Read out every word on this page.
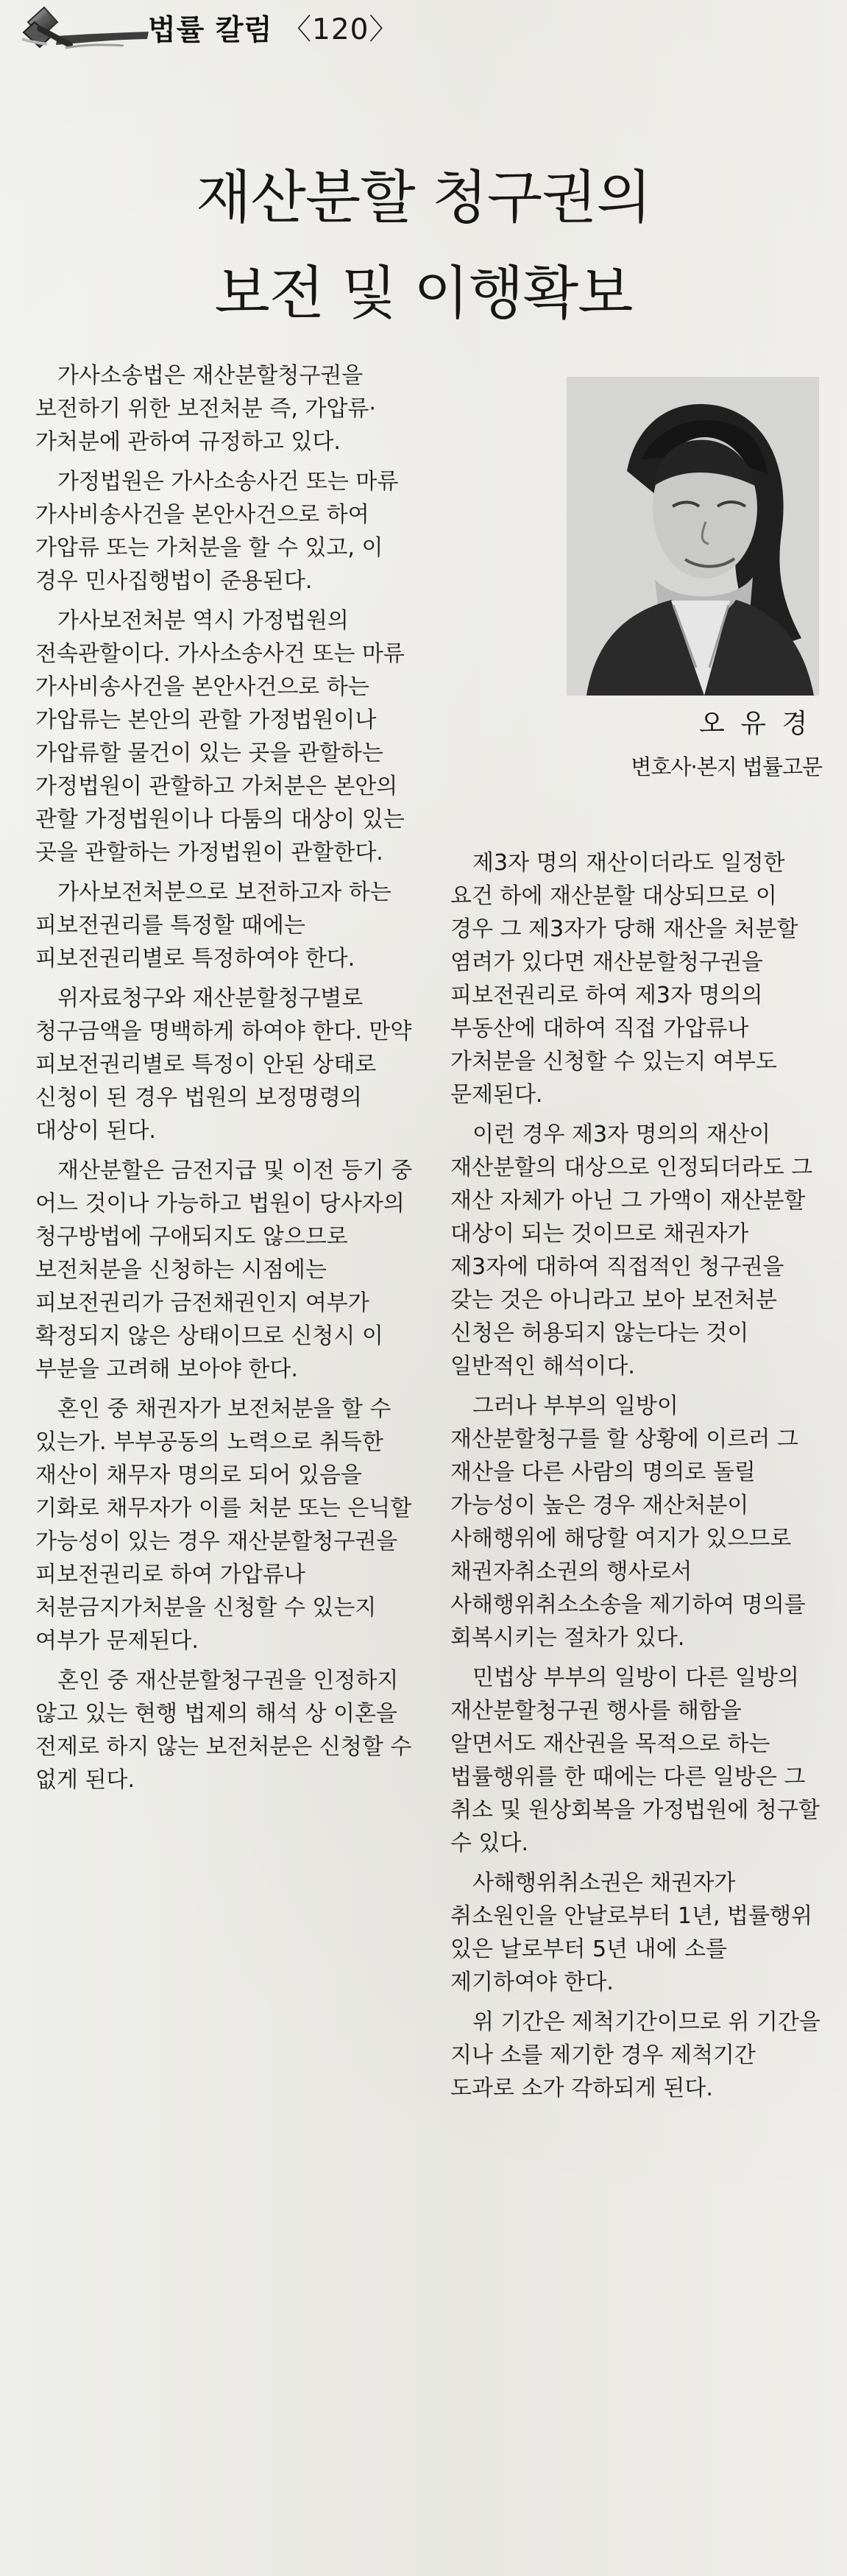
법률 칼럼 〈120〉
재산분할 청구권의
보전 및 이행확보
오 유 경
변호사·본지 법률고문

가사소송법은 재산분할청구권을 보전하기 위한 보전처분 즉, 가압류·가처분에 관하여 규정하고 있다.

가정법원은 가사소송사건 또는 마류 가사비송사건을 본안사건으로 하여 가압류 또는 가처분을 할 수 있고, 이 경우 민사집행법이 준용된다.

가사보전처분 역시 가정법원의 전속관할이다. 가사소송사건 또는 마류 가사비송사건을 본안사건으로 하는 가압류는 본안의 관할 가정법원이나 가압류할 물건이 있는 곳을 관할하는 가정법원이 관할하고 가처분은 본안의 관할 가정법원이나 다툼의 대상이 있는 곳을 관할하는 가정법원이 관할한다.

가사보전처분으로 보전하고자 하는 피보전권리를 특정할 때에는 피보전권리별로 특정하여야 한다.

위자료청구와 재산분할청구별로 청구금액을 명백하게 하여야 한다. 만약 피보전권리별로 특정이 안된 상태로 신청이 된 경우 법원의 보정명령의 대상이 된다.

재산분할은 금전지급 및 이전 등기 중 어느 것이나 가능하고 법원이 당사자의 청구방법에 구애되지도 않으므로 보전처분을 신청하는 시점에는 피보전권리가 금전채권인지 여부가 확정되지 않은 상태이므로 신청시 이 부분을 고려해 보아야 한다.

혼인 중 채권자가 보전처분을 할 수 있는가. 부부공동의 노력으로 취득한 재산이 채무자 명의로 되어 있음을 기화로 채무자가 이를 처분 또는 은닉할 가능성이 있는 경우 재산분할청구권을 피보전권리로 하여 가압류나 처분금지가처분을 신청할 수 있는지 여부가 문제된다.

혼인 중 재산분할청구권을 인정하지 않고 있는 현행 법제의 해석 상 이혼을 전제로 하지 않는 보전처분은 신청할 수 없게 된다.

제3자 명의 재산이더라도 일정한 요건 하에 재산분할 대상되므로 이 경우 그 제3자가 당해 재산을 처분할 염려가 있다면 재산분할청구권을 피보전권리로 하여 제3자 명의의 부동산에 대하여 직접 가압류나 가처분을 신청할 수 있는지 여부도 문제된다.

이런 경우 제3자 명의의 재산이 재산분할의 대상으로 인정되더라도 그 재산 자체가 아닌 그 가액이 재산분할 대상이 되는 것이므로 채권자가 제3자에 대하여 직접적인 청구권을 갖는 것은 아니라고 보아 보전처분 신청은 허용되지 않는다는 것이 일반적인 해석이다.

그러나 부부의 일방이 재산분할청구를 할 상황에 이르러 그 재산을 다른 사람의 명의로 돌릴 가능성이 높은 경우 재산처분이 사해행위에 해당할 여지가 있으므로 채권자취소권의 행사로서 사해행위취소소송을 제기하여 명의를 회복시키는 절차가 있다.

민법상 부부의 일방이 다른 일방의 재산분할청구권 행사를 해함을 알면서도 재산권을 목적으로 하는 법률행위를 한 때에는 다른 일방은 그 취소 및 원상회복을 가정법원에 청구할 수 있다.

사해행위취소권은 채권자가 취소원인을 안날로부터 1년, 법률행위 있은 날로부터 5년 내에 소를 제기하여야 한다.

위 기간은 제척기간이므로 위 기간을 지나 소를 제기한 경우 제척기간 도과로 소가 각하되게 된다.
